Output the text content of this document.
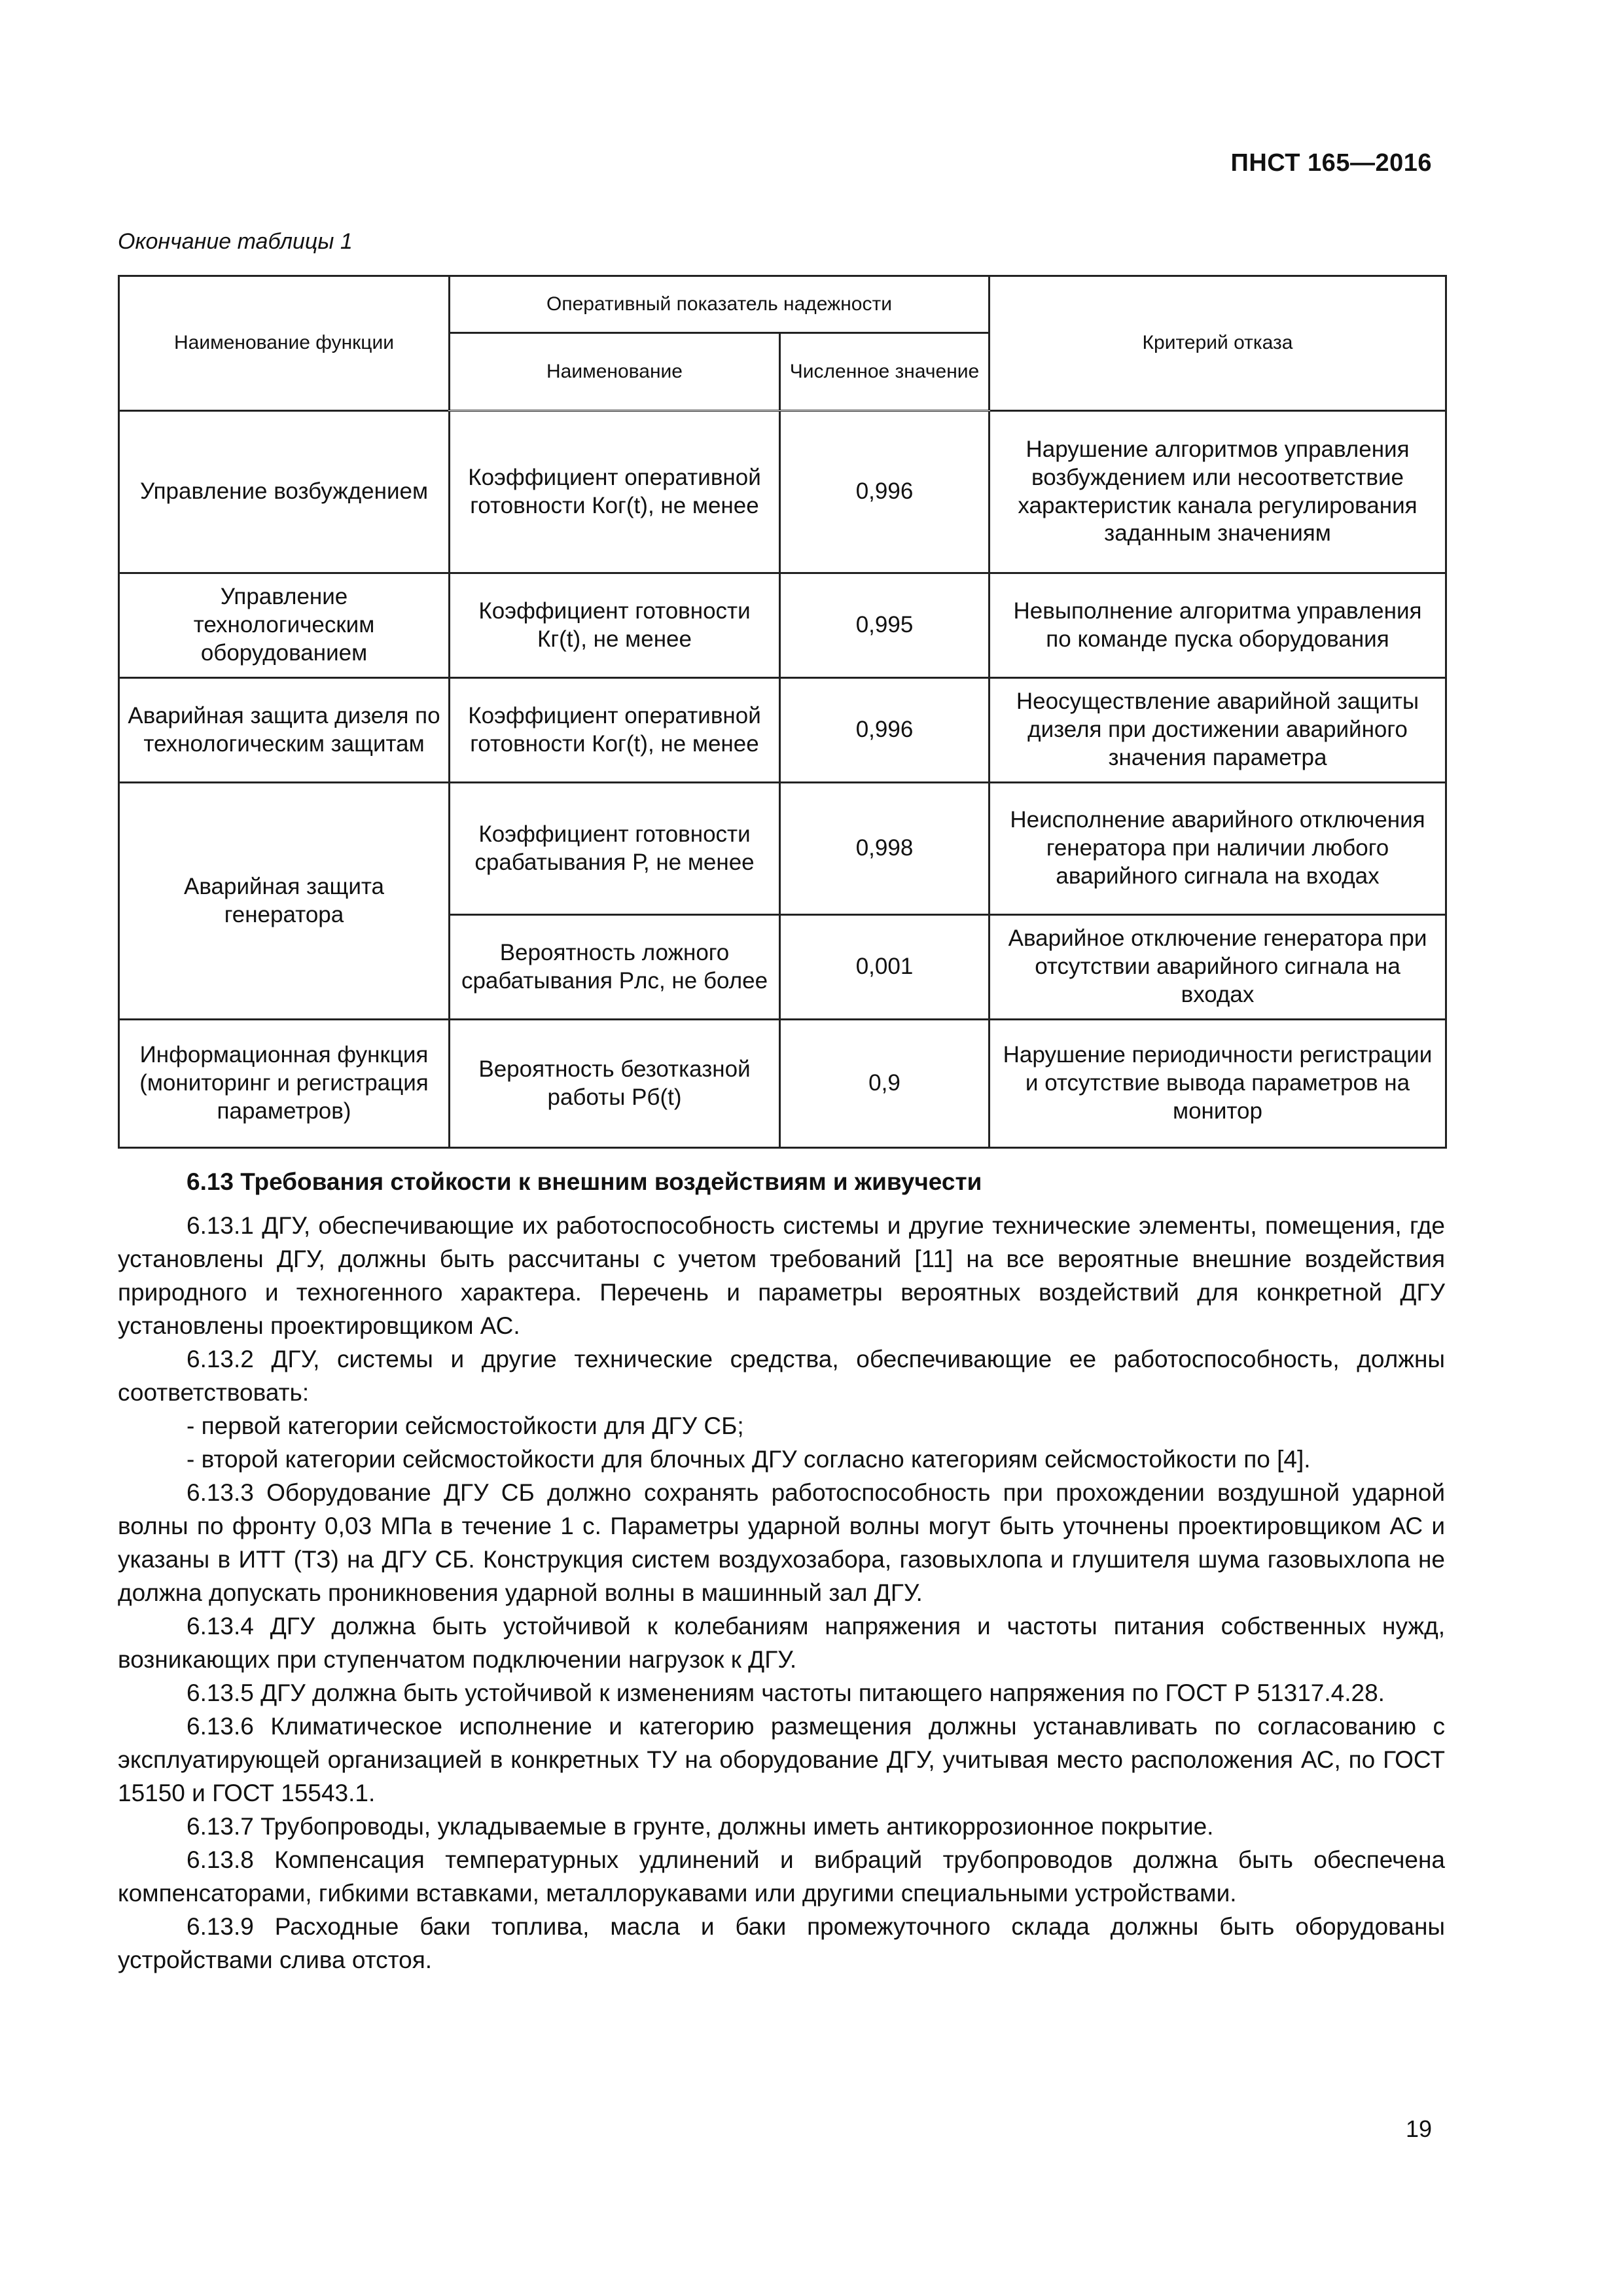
ПНСТ 165—2016
Окончание таблицы 1
Наименование функции	Оперативный показатель надежности		Критерий отказа
	Наименование	Численное значение	
Управление возбуждением	Коэффициент оперативной готовности Ког(t), не менее	0,996	Нарушение алгоритмов управления возбуждением или несоответствие характеристик канала регулирования заданным значениям
Управление технологическим оборудованием	Коэффициент готовности Кг(t), не менее	0,995	Невыполнение алгоритма управления по команде пуска оборудования
Аварийная защита дизеля по технологическим защитам	Коэффициент оперативной готовности Ког(t), не менее	0,996	Неосуществление аварийной защиты дизеля при достижении аварийного значения параметра
Аварийная защита генератора	Коэффициент готовности срабатывания Р, не менее	0,998	Неисполнение аварийного отключения генератора при наличии любого аварийного сигнала на входах
	Вероятность ложного срабатывания Рлс, не более	0,001	Аварийное отключение генератора при отсутствии аварийного сигнала на входах
Информационная функция (мониторинг и регистрация параметров)	Вероятность безотказной работы Рб(t)	0,9	Нарушение периодичности регистрации и отсутствие вывода параметров на монитор
6.13 Требования стойкости к внешним воздействиям и живучести

6.13.1 ДГУ, обеспечивающие их работоспособность системы и другие технические элементы, помещения, где установлены ДГУ, должны быть рассчитаны с учетом требований [11] на все вероятные внешние воздействия природного и техногенного характера. Перечень и параметры вероятных воздействий для конкретной ДГУ установлены проектировщиком АС.

6.13.2 ДГУ, системы и другие технические средства, обеспечивающие ее работоспособность, должны соответствовать:

- первой категории сейсмостойкости для ДГУ СБ;

- второй категории сейсмостойкости для блочных ДГУ согласно категориям сейсмостойкости по [4].

6.13.3 Оборудование ДГУ СБ должно сохранять работоспособность при прохождении воздушной ударной волны по фронту 0,03 МПа в течение 1 с. Параметры ударной волны могут быть уточнены проектировщиком АС и указаны в ИТТ (ТЗ) на ДГУ СБ. Конструкция систем воздухозабора, газовыхлопа и глушителя шума газовыхлопа не должна допускать проникновения ударной волны в машинный зал ДГУ.

6.13.4 ДГУ должна быть устойчивой к колебаниям напряжения и частоты питания собственных нужд, возникающих при ступенчатом подключении нагрузок к ДГУ.

6.13.5 ДГУ должна быть устойчивой к изменениям частоты питающего напряжения по ГОСТ Р 51317.4.28.

6.13.6 Климатическое исполнение и категорию размещения должны устанавливать по согласованию с эксплуатирующей организацией в конкретных ТУ на оборудование ДГУ, учитывая место расположения АС, по ГОСТ 15150 и ГОСТ 15543.1.

6.13.7 Трубопроводы, укладываемые в грунте, должны иметь антикоррозионное покрытие.

6.13.8 Компенсация температурных удлинений и вибраций трубопроводов должна быть обеспечена компенсаторами, гибкими вставками, металлорукавами или другими специальными устройствами.

6.13.9 Расходные баки топлива, масла и баки промежуточного склада должны быть оборудованы устройствами слива отстоя.

19
